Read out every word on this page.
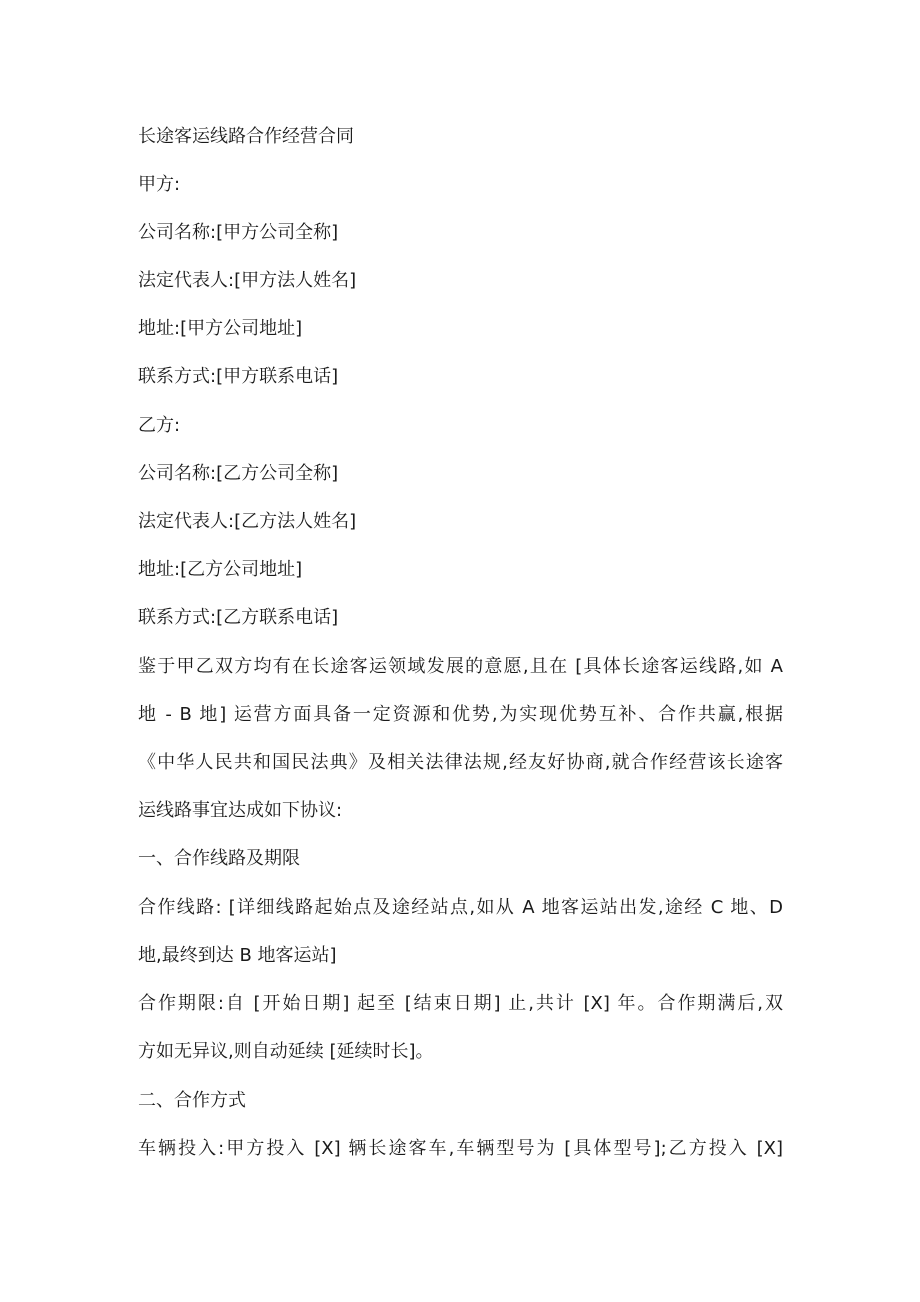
长途客运线路合作经营合同
甲方:
公司名称:[甲方公司全称]
法定代表人:[甲方法人姓名]
地址:[甲方公司地址]
联系方式:[甲方联系电话]
乙方:
公司名称:[乙方公司全称]
法定代表人:[乙方法人姓名]
地址:[乙方公司地址]
联系方式:[乙方联系电话]
鉴于甲乙双方均有在长途客运领域发展的意愿,且在 [具体长途客运线路,如 A
地 - B 地] 运营方面具备一定资源和优势,为实现优势互补、合作共赢,根据
《中华人民共和国民法典》及相关法律法规,经友好协商,就合作经营该长途客
运线路事宜达成如下协议:
一、合作线路及期限
合作线路: [详细线路起始点及途经站点,如从 A 地客运站出发,途经 C 地、D
地,最终到达 B 地客运站]
合作期限:自 [开始日期] 起至 [结束日期] 止,共计 [X] 年。合作期满后,双
方如无异议,则自动延续 [延续时长]。
二、合作方式
车辆投入:甲方投入 [X] 辆长途客车,车辆型号为 [具体型号];乙方投入 [X]
